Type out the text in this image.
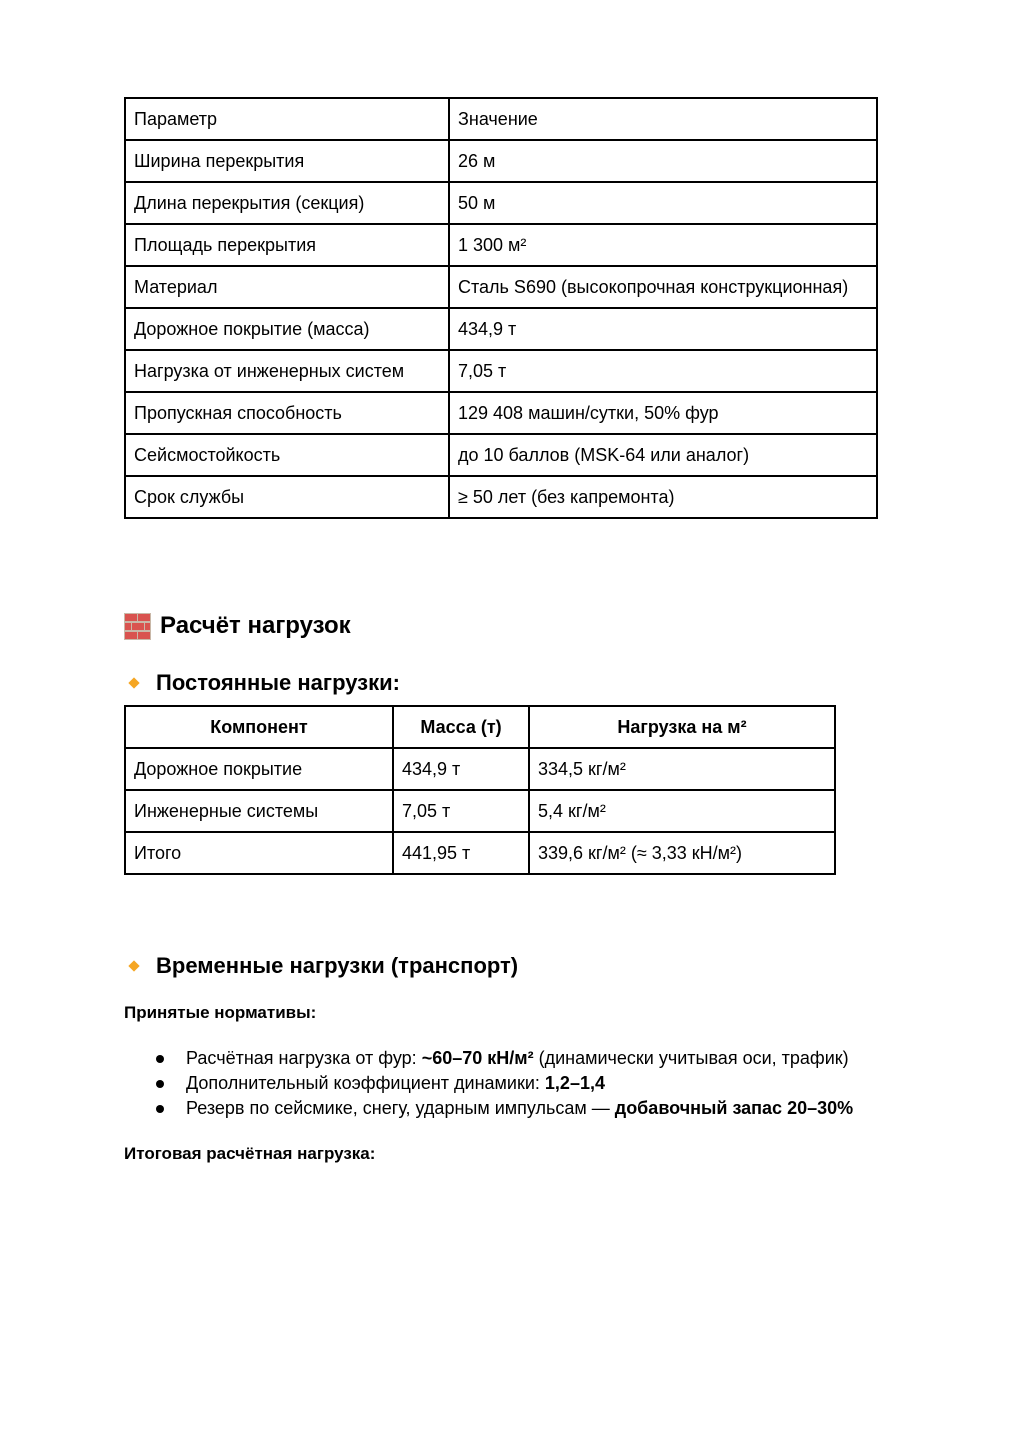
Параметр	Значение
Ширина перекрытия	26 м
Длина перекрытия (секция)	50 м
Площадь перекрытия	1 300 м²
Материал	Сталь S690 (высокопрочная конструкционная)
Дорожное покрытие (масса)	434,9 т
Нагрузка от инженерных систем	7,05 т
Пропускная способность	129 408 машин/сутки, 50% фур
Сейсмостойкость	до 10 баллов (MSK-64 или аналог)
Срок службы	≥ 50 лет (без капремонта)
Расчёт нагрузок
Постоянные нагрузки:
Компонент	Масса (т)	Нагрузка на м²
Дорожное покрытие	434,9 т	334,5 кг/м²
Инженерные системы	7,05 т	5,4 кг/м²
Итого	441,95 т	339,6 кг/м² (≈ 3,33 кН/м²)
Временные нагрузки (транспорт)
Принятые нормативы:
Расчётная нагрузка от фур: ~60–70 кН/м² (динамически учитывая оси, трафик)
Дополнительный коэффициент динамики: 1,2–1,4
Резерв по сейсмике, снегу, ударным импульсам — добавочный запас 20–30%
Итоговая расчётная нагрузка:
